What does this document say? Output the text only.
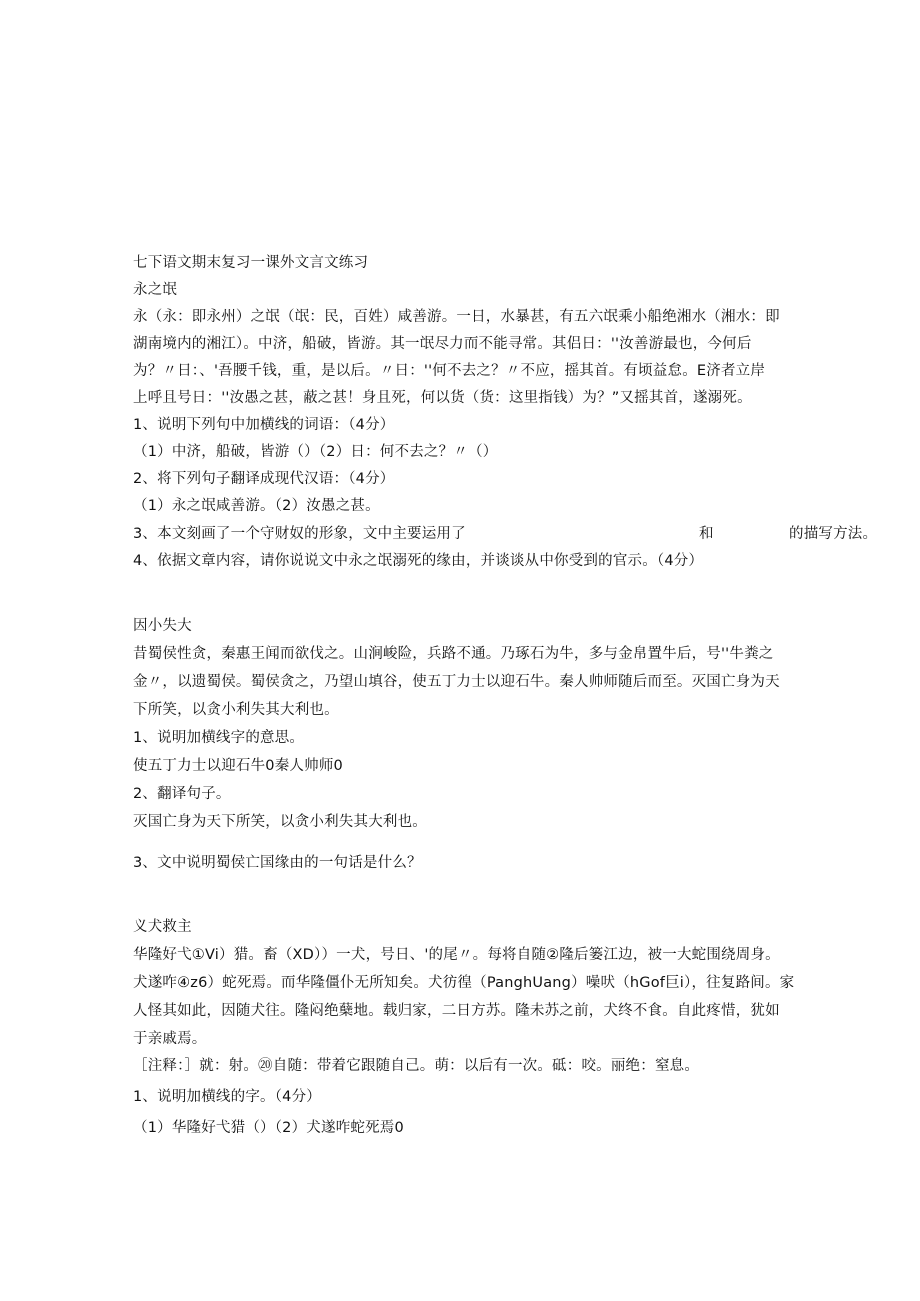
七下语文期末复习一课外文言文练习
永之氓
永（永：即永州）之氓（氓：民，百姓）咸善游。一日，水暴甚，有五六氓乘小船绝湘水（湘水：即
湖南境内的湘江）。中济，船破，皆游。其一氓尽力而不能寻常。其侣日：''汝善游最也，今何后
为？〃日：、'吾腰千钱，重，是以后。〃日：''何不去之？〃不应，摇其首。有顷益怠。E济者立岸
上呼且号日：''汝愚之甚，蔽之甚！身且死，何以货（货：这里指钱）为？”又摇其首，遂溺死。
1、说明下列句中加横线的词语：（4分）
（1）中济，船破，皆游（）（2）日：何不去之？〃（）
2、将下列句子翻译成现代汉语：（4分）
（1）永之氓咸善游。（2）汝愚之甚。
3、本文刻画了一个守财奴的形象，文中主要运用了	和	的描写方法。
4、依据文章内容，请你说说文中永之氓溺死的缘由，并谈谈从中你受到的官示。（4分）
因小失大
昔蜀侯性贪，秦惠王闻而欲伐之。山涧峻险，兵路不通。乃琢石为牛，多与金帛置牛后，号''牛粪之
金〃，以遗蜀侯。蜀侯贪之，乃望山填谷，使五丁力士以迎石牛。秦人帅师随后而至。灭国亡身为天
下所笑，以贪小利失其大利也。
1、说明加横线字的意思。
使五丁力士以迎石牛0秦人帅师0
2、翻译句子。
灭国亡身为天下所笑，以贪小利失其大利也。
3、文中说明蜀侯亡国缘由的一句话是什么？
义犬救主
华隆好弋①Vi）猎。畜（XD））一犬，号日、'的尾〃。每将自随②隆后篓江边，被一大蛇围绕周身。
犬遂咋④z6）蛇死焉。而华隆僵仆无所知矣。犬彷徨（PanghUang）噪吠（hGof巨i），往复路间。家
人怪其如此，因随犬往。隆闷绝蘖地。载归家，二日方苏。隆未苏之前，犬终不食。自此疼惜，犹如
于亲戚焉。
［注释：］就：射。⑳自随：带着它跟随自己。萌：以后有一次。砥：咬。丽绝：窒息。
1、说明加横线的字。（4分）
（1）华隆好弋猎（）（2）犬遂咋蛇死焉0
